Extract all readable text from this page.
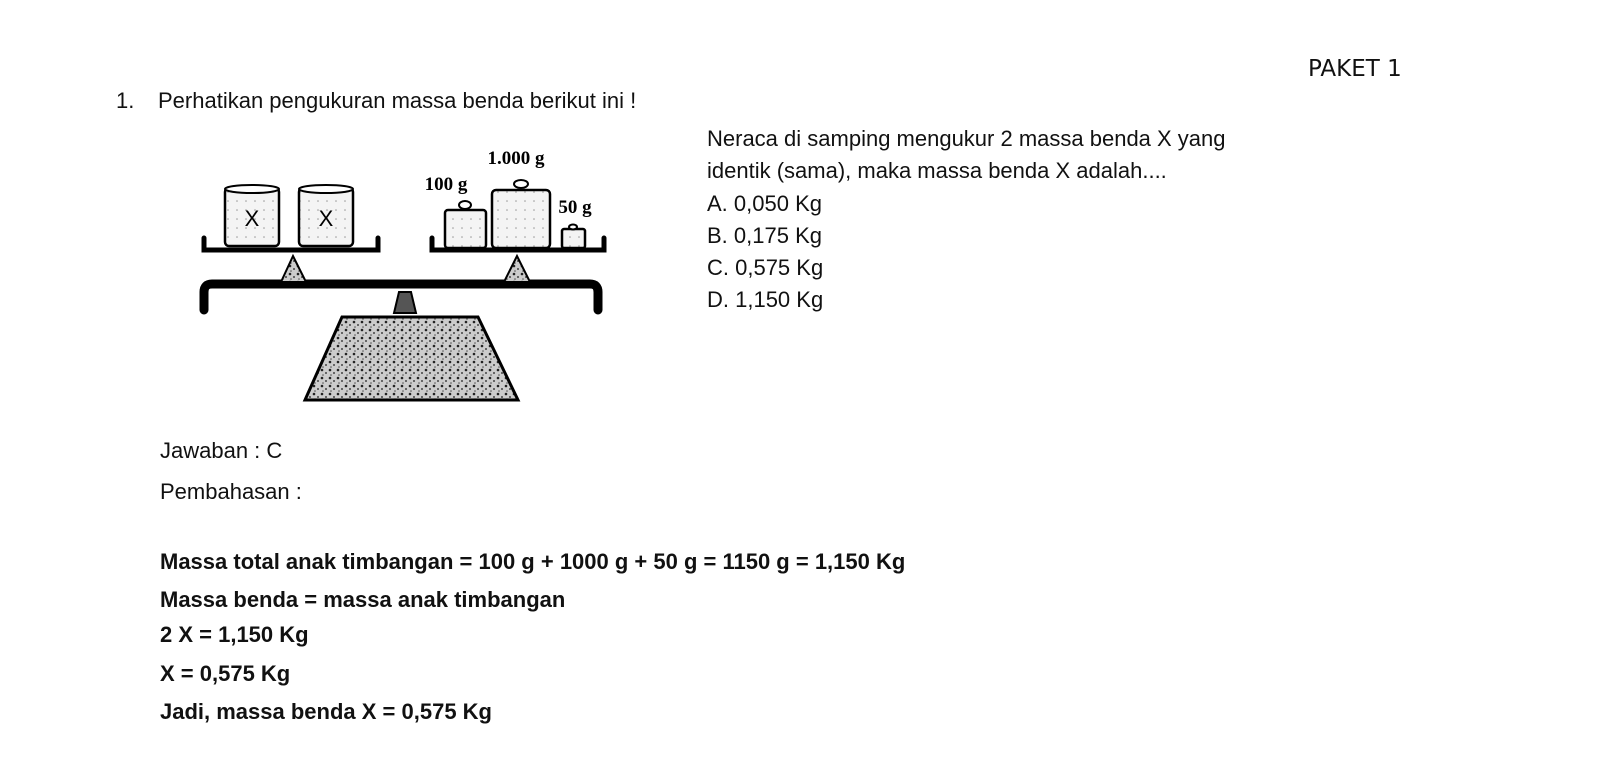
PAKET 1
1. Perhatikan pengukuran massa benda berikut ini !
Neraca di samping mengukur 2 massa benda X yang
identik (sama), maka massa benda X adalah....
A. 0,050 Kg
B. 0,175 Kg
C. 0,575 Kg
D. 1,150 Kg
X	X
1.000 g
100 g
50 g
Jawaban : C
Pembahasan :
Massa total anak timbangan = 100 g + 1000 g + 50 g = 1150 g = 1,150 Kg
Massa benda = massa anak timbangan
2 X = 1,150 Kg
X = 0,575 Kg
Jadi, massa benda X = 0,575 Kg
